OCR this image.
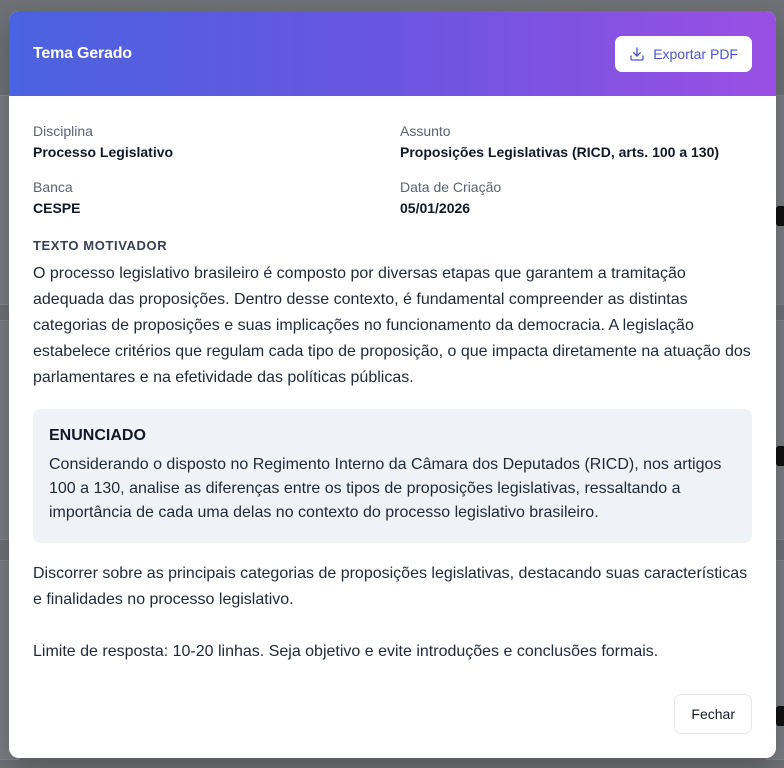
Tema Gerado	Exportar PDF
Disciplina
Processo Legislativo
Assunto
Proposições Legislativas (RICD, arts. 100 a 130)
Banca
CESPE
Data de Criação
05/01/2026
TEXTO MOTIVADOR

O processo legislativo brasileiro é composto por diversas etapas que garantem a tramitação adequada das proposições. Dentro desse contexto, é fundamental compreender as distintas categorias de proposições e suas implicações no funcionamento da democracia. A legislação estabelece critérios que regulam cada tipo de proposição, o que impacta diretamente na atuação dos parlamentares e na efetividade das políticas públicas.

ENUNCIADO

Considerando o disposto no Regimento Interno da Câmara dos Deputados (RICD), nos artigos 100 a 130, analise as diferenças entre os tipos de proposições legislativas, ressaltando a importância de cada uma delas no contexto do processo legislativo brasileiro.

Discorrer sobre as principais categorias de proposições legislativas, destacando suas características e finalidades no processo legislativo.

Limite de resposta: 10-20 linhas. Seja objetivo e evite introduções e conclusões formais.

Fechar
